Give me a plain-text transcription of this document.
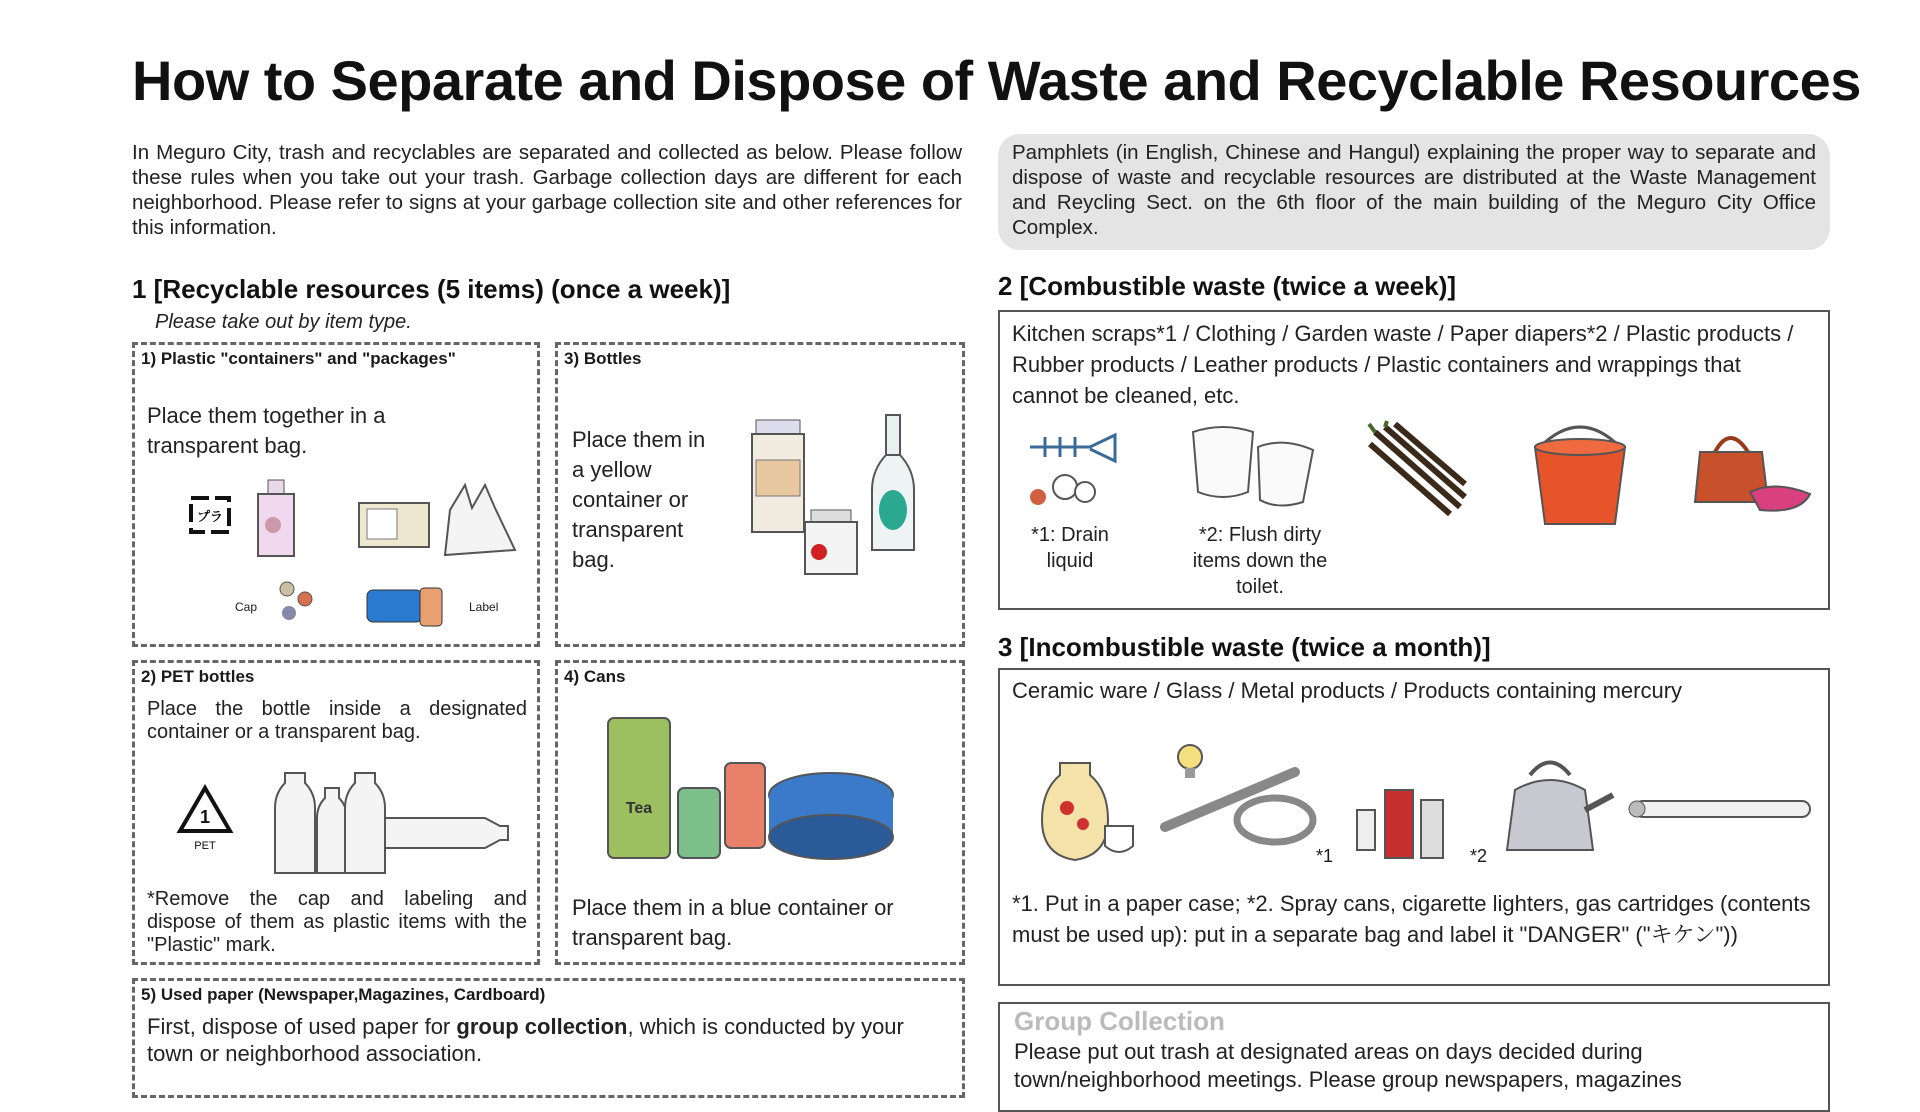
How to Separate and Dispose of Waste and Recyclable Resources
In Meguro City, trash and recyclables are separated and collected as below. Please follow these rules when you take out your trash. Garbage collection days are different for each neighborhood. Please refer to signs at your garbage collection site and other references for this information.
Pamphlets (in English, Chinese and Hangul) explaining the proper way to separate and dispose of waste and recyclable resources are distributed at the Waste Management and Reycling Sect. on the 6th floor of the main building of the Meguro City Office Complex.
1 [Recyclable resources (5 items) (once a week)]
Please take out by item type.
1) Plastic "containers" and "packages"
Place them together in a transparent bag.
プラ
Cap	Label
3) Bottles
Place them in a yellow container or transparent bag.
2) PET bottles
Place the bottle inside a designated container or a transparent bag.
1
PET
*Remove the cap and labeling and dispose of them as plastic items with the "Plastic" mark.
4) Cans
Tea
Place them in a blue container or transparent bag.
5) Used paper (Newspaper,Magazines, Cardboard)
First, dispose of used paper for group collection, which is conducted by your town or neighborhood association.
2 [Combustible waste (twice a week)]
Kitchen scraps*1 / Clothing / Garden waste / Paper diapers*2 / Plastic products / Rubber products / Leather products / Plastic containers and wrappings that cannot be cleaned, etc.
*1: Drain liquid
*2: Flush dirty items down the toilet.
3 [Incombustible waste (twice a month)]
Ceramic ware / Glass / Metal products / Products containing mercury
*1	*2
*1. Put in a paper case; *2. Spray cans, cigarette lighters, gas cartridges (contents must be used up): put in a separate bag and label it "DANGER" ("キケン"))
Group Collection
Please put out trash at designated areas on days decided during town/neighborhood meetings. Please group newspapers, magazines
